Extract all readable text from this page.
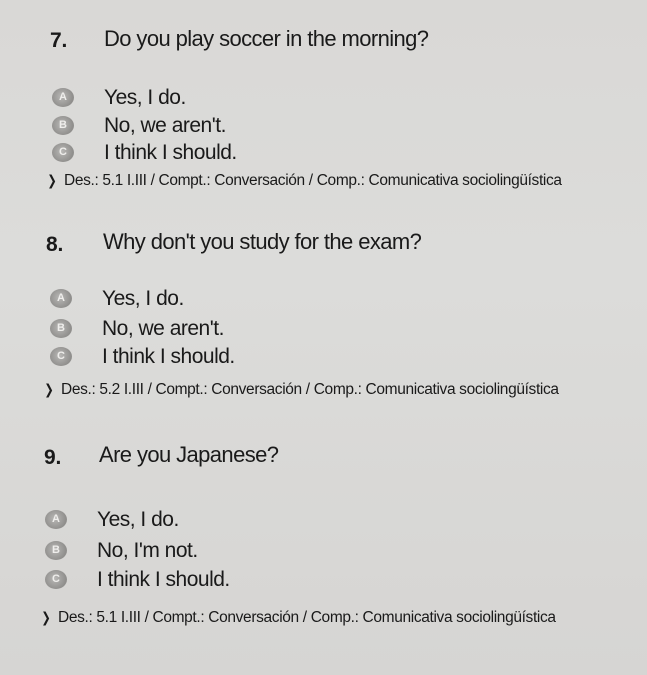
7. Do you play soccer in the morning?
A	Yes, I do.
B	No, we aren't.
C	I think I should.
❯ Des.: 5.1 I.III / Compt.: Conversación / Comp.: Comunicativa sociolingüística
8. Why don't you study for the exam?
A	Yes, I do.
B	No, we aren't.
C	I think I should.
❯ Des.: 5.2 I.III / Compt.: Conversación / Comp.: Comunicativa sociolingüística
9. Are you Japanese?
A	Yes, I do.
B	No, I'm not.
C	I think I should.
❯ Des.: 5.1 I.III / Compt.: Conversación / Comp.: Comunicativa sociolingüística
